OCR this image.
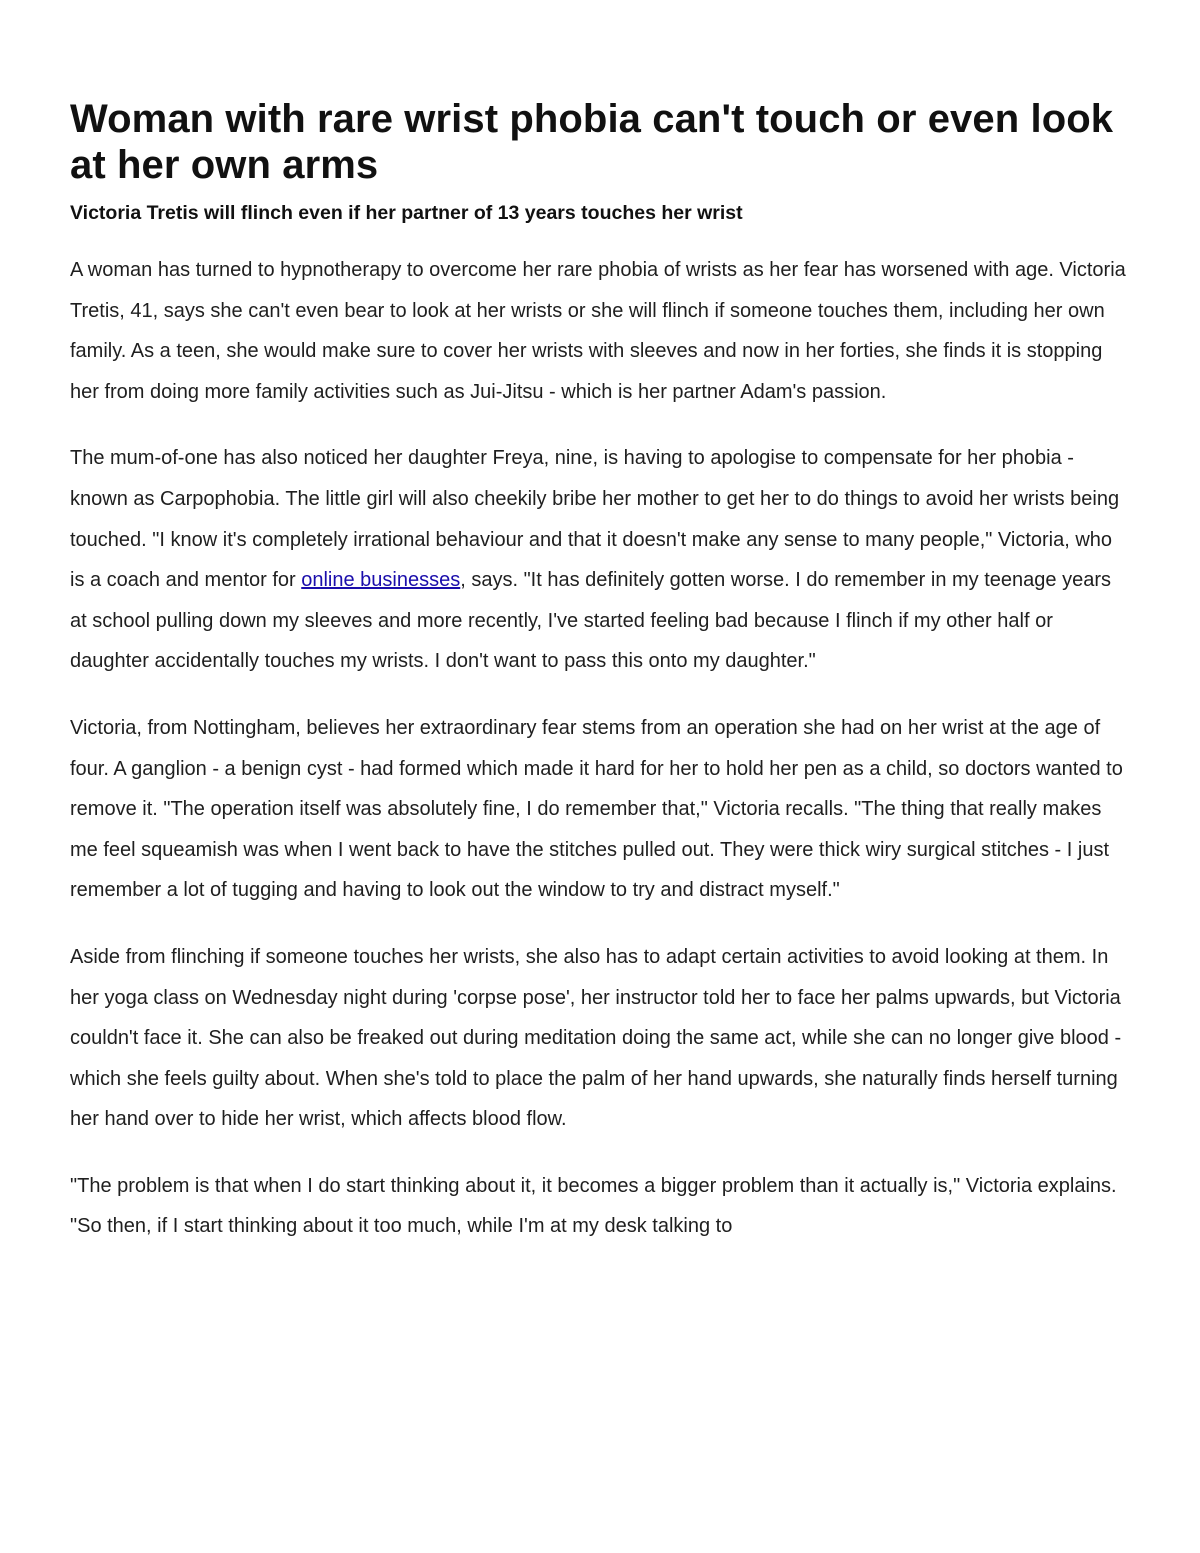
Woman with rare wrist phobia can't touch or even look at her own arms
Victoria Tretis will flinch even if her partner of 13 years touches her wrist

A woman has turned to hypnotherapy to overcome her rare phobia of wrists as her fear has worsened with age. Victoria Tretis, 41, says she can't even bear to look at her wrists or she will flinch if someone touches them, including her own family. As a teen, she would make sure to cover her wrists with sleeves and now in her forties, she finds it is stopping her from doing more family activities such as Jui-Jitsu - which is her partner Adam's passion.

The mum-of-one has also noticed her daughter Freya, nine, is having to apologise to compensate for her phobia - known as Carpophobia. The little girl will also cheekily bribe her mother to get her to do things to avoid her wrists being touched. "I know it's completely irrational behaviour and that it doesn't make any sense to many people," Victoria, who is a coach and mentor for online businesses, says. "It has definitely gotten worse. I do remember in my teenage years at school pulling down my sleeves and more recently, I've started feeling bad because I flinch if my other half or daughter accidentally touches my wrists. I don't want to pass this onto my daughter."

Victoria, from Nottingham, believes her extraordinary fear stems from an operation she had on her wrist at the age of four. A ganglion - a benign cyst - had formed which made it hard for her to hold her pen as a child, so doctors wanted to remove it. "The operation itself was absolutely fine, I do remember that," Victoria recalls. "The thing that really makes me feel squeamish was when I went back to have the stitches pulled out. They were thick wiry surgical stitches - I just remember a lot of tugging and having to look out the window to try and distract myself."

Aside from flinching if someone touches her wrists, she also has to adapt certain activities to avoid looking at them. In her yoga class on Wednesday night during 'corpse pose', her instructor told her to face her palms upwards, but Victoria couldn't face it. She can also be freaked out during meditation doing the same act, while she can no longer give blood - which she feels guilty about. When she's told to place the palm of her hand upwards, she naturally finds herself turning her hand over to hide her wrist, which affects blood flow.

"The problem is that when I do start thinking about it, it becomes a bigger problem than it actually is," Victoria explains. "So then, if I start thinking about it too much, while I'm at my desk talking to
